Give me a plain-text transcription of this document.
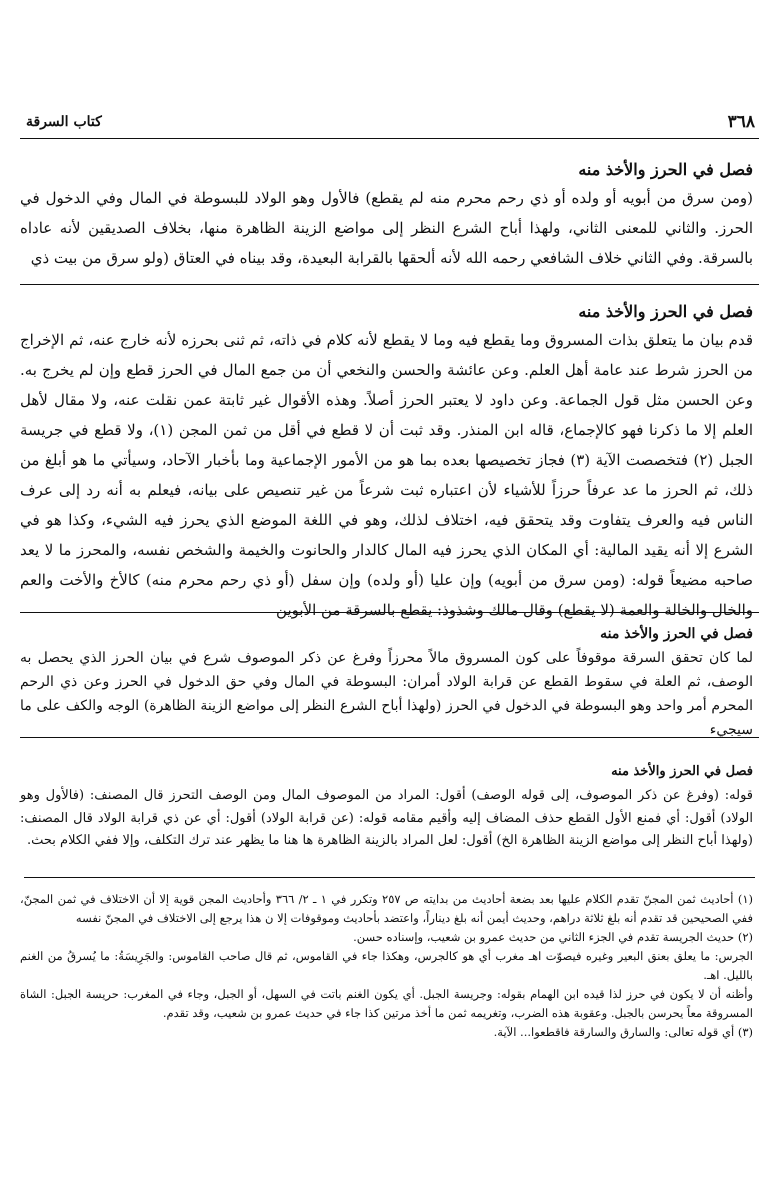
٣٦٨
كتاب السرقة
فصل في الحرز والأخذ منه

(ومن سرق من أبويه أو ولده أو ذي رحم محرم منه لم يقطع) فالأول وهو الولاد للبسوطة في المال وفي الدخول في الحرز. والثاني للمعنى الثاني، ولهذا أباح الشرع النظر إلى مواضع الزينة الظاهرة منها، بخلاف الصديقين لأنه عاداه بالسرقة. وفي الثاني خلاف الشافعي رحمه الله لأنه ألحقها بالقرابة البعيدة، وقد بيناه في العتاق (ولو سرق من بيت ذي

فصل في الحرز والأخذ منه

قدم بيان ما يتعلق بذات المسروق وما يقطع فيه وما لا يقطع لأنه كلام في ذاته، ثم ثنى بحرزه لأنه خارج عنه، ثم الإخراج من الحرز شرط عند عامة أهل العلم. وعن عائشة والحسن والنخعي أن من جمع المال في الحرز قطع وإن لم يخرج به. وعن الحسن مثل قول الجماعة. وعن داود لا يعتبر الحرز أصلاً. وهذه الأقوال غير ثابتة عمن نقلت عنه، ولا مقال لأهل العلم إلا ما ذكرنا فهو كالإجماع، قاله ابن المنذر. وقد ثبت أن لا قطع في أقل من ثمن المجن (١)، ولا قطع في جريسة الجبل (٢) فتخصصت الآية (٣) فجاز تخصيصها بعده بما هو من الأمور الإجماعية وما بأخبار الآحاد، وسيأتي ما هو أبلغ من ذلك، ثم الحرز ما عد عرفاً حرزاً للأشياء لأن اعتباره ثبت شرعاً من غير تنصيص على بيانه، فيعلم به أنه رد إلى عرف الناس فيه والعرف يتفاوت وقد يتحقق فيه، اختلاف لذلك، وهو في اللغة الموضع الذي يحرز فيه الشيء، وكذا هو في الشرع إلا أنه يقيد المالية: أي المكان الذي يحرز فيه المال كالدار والحانوت والخيمة والشخص نفسه، والمحرز ما لا يعد صاحبه مضيعاً قوله: (ومن سرق من أبويه) وإن عليا (أو ولده) وإن سفل (أو ذي رحم محرم منه) كالأخ والأخت والعم والخال والخالة والعمة (لا يقطع) وقال مالك وشذوذ: يقطع بالسرقة من الأبوين

فصل في الحرز والأخذ منه

لما كان تحقق السرقة موقوفاً على كون المسروق مالاً محرزاً وفرغ عن ذكر الموصوف شرع في بيان الحرز الذي يحصل به الوصف، ثم العلة في سقوط القطع عن قرابة الولاد أمران: البسوطة في المال وفي حق الدخول في الحرز وعن ذي الرحم المحرم أمر واحد وهو البسوطة في الدخول في الحرز (ولهذا أباح الشرع النظر إلى مواضع الزينة الظاهرة) الوجه والكف على ما سيجيء

فصل في الحرز والأخذ منه

قوله: (وفرغ عن ذكر الموصوف، إلى قوله الوصف) أقول: المراد من الموصوف المال ومن الوصف التحرز قال المصنف: (فالأول وهو الولاد) أقول: أي فمنع الأول القطع حذف المضاف إليه وأقيم مقامه قوله: (عن قرابة الولاد) أقول: أي عن ذي قرابة الولاد قال المصنف: (ولهذا أباح النظر إلى مواضع الزينة الظاهرة الخ) أقول: لعل المراد بالزينة الظاهرة ها هنا ما يظهر عند ترك التكلف، وإلا ففي الكلام بحث.

(١) أحاديث ثمن المجنّ تقدم الكلام عليها بعد بضعة أحاديث من بدايته ص ٢٥٧ وتكرر في ١ ـ ٢/ ٣٦٦ وأحاديث المجن قوية إلا أن الاختلاف في ثمن المجنّ، ففي الصحيحين قد تقدم أنه بلغ ثلاثة دراهم، وحديث أيمن أنه بلغ ديناراً، واعتضد بأحاديث وموقوفات إلا ن هذا يرجع إلى الاختلاف في المجنّ نفسه

(٢) حديث الجريسة تقدم في الجزء الثاني من حديث عمرو بن شعيب، وإسناده حسن.

الجرس: ما يعلق بعنق البعير وغيره فيصوّت اهـ مغرب أي هو كالجرس، وهكذا جاء في القاموس، ثم قال صاحب القاموس: والجَرِيسَةُ: ما يُسرقُ من الغنم بالليل. اهـ.

وأظنه أن لا يكون في حرز لذا قيده ابن الهمام بقوله: وجريسة الجبل. أي يكون الغنم باتت في السهل، أو الجبل، وجاء في المغرب: حريسة الجبل: الشاة المسروقة معاً يحرسن بالجبل. وعقوبة هذه الضرب، وتغريمه ثمن ما أخذ مرتين كذا جاء في حديث عمرو بن شعيب، وقد تقدم.

(٣) أي قوله تعالى: والسارق والسارقة فاقطعوا... الآية.
